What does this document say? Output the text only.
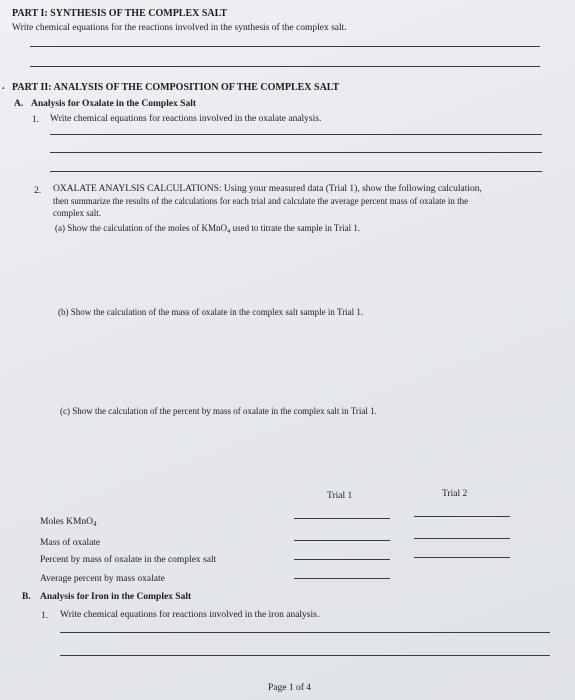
PART I: SYNTHESIS OF THE COMPLEX SALT
Write chemical equations for the reactions involved in the synthesis of the complex salt.
. PART II: ANALYSIS OF THE COMPOSITION OF THE COMPLEX SALT
A. Analysis for Oxalate in the Complex Salt
1. Write chemical equations for reactions involved in the oxalate analysis.
2. OXALATE ANAYLSIS CALCULATIONS: Using your measured data (Trial 1), show the following calculation,
then summarize the results of the calculations for each trial and calculate the average percent mass of oxalate in the
complex salt.
(a) Show the calculation of the moles of KMnO$_4$ used to titrate the sample in Trial 1.
(b) Show the calculation of the mass of oxalate in the complex salt sample in Trial 1.
(c) Show the calculation of the percent by mass of oxalate in the complex salt in Trial 1.
Trial 1	Trial 2
Moles KMnO$_4$
Mass of oxalate
Percent by mass of oxalate in the complex salt
Average percent by mass oxalate
B. Analysis for Iron in the Complex Salt
1. Write chemical equations for reactions involved in the iron analysis.
Page 1 of 4
